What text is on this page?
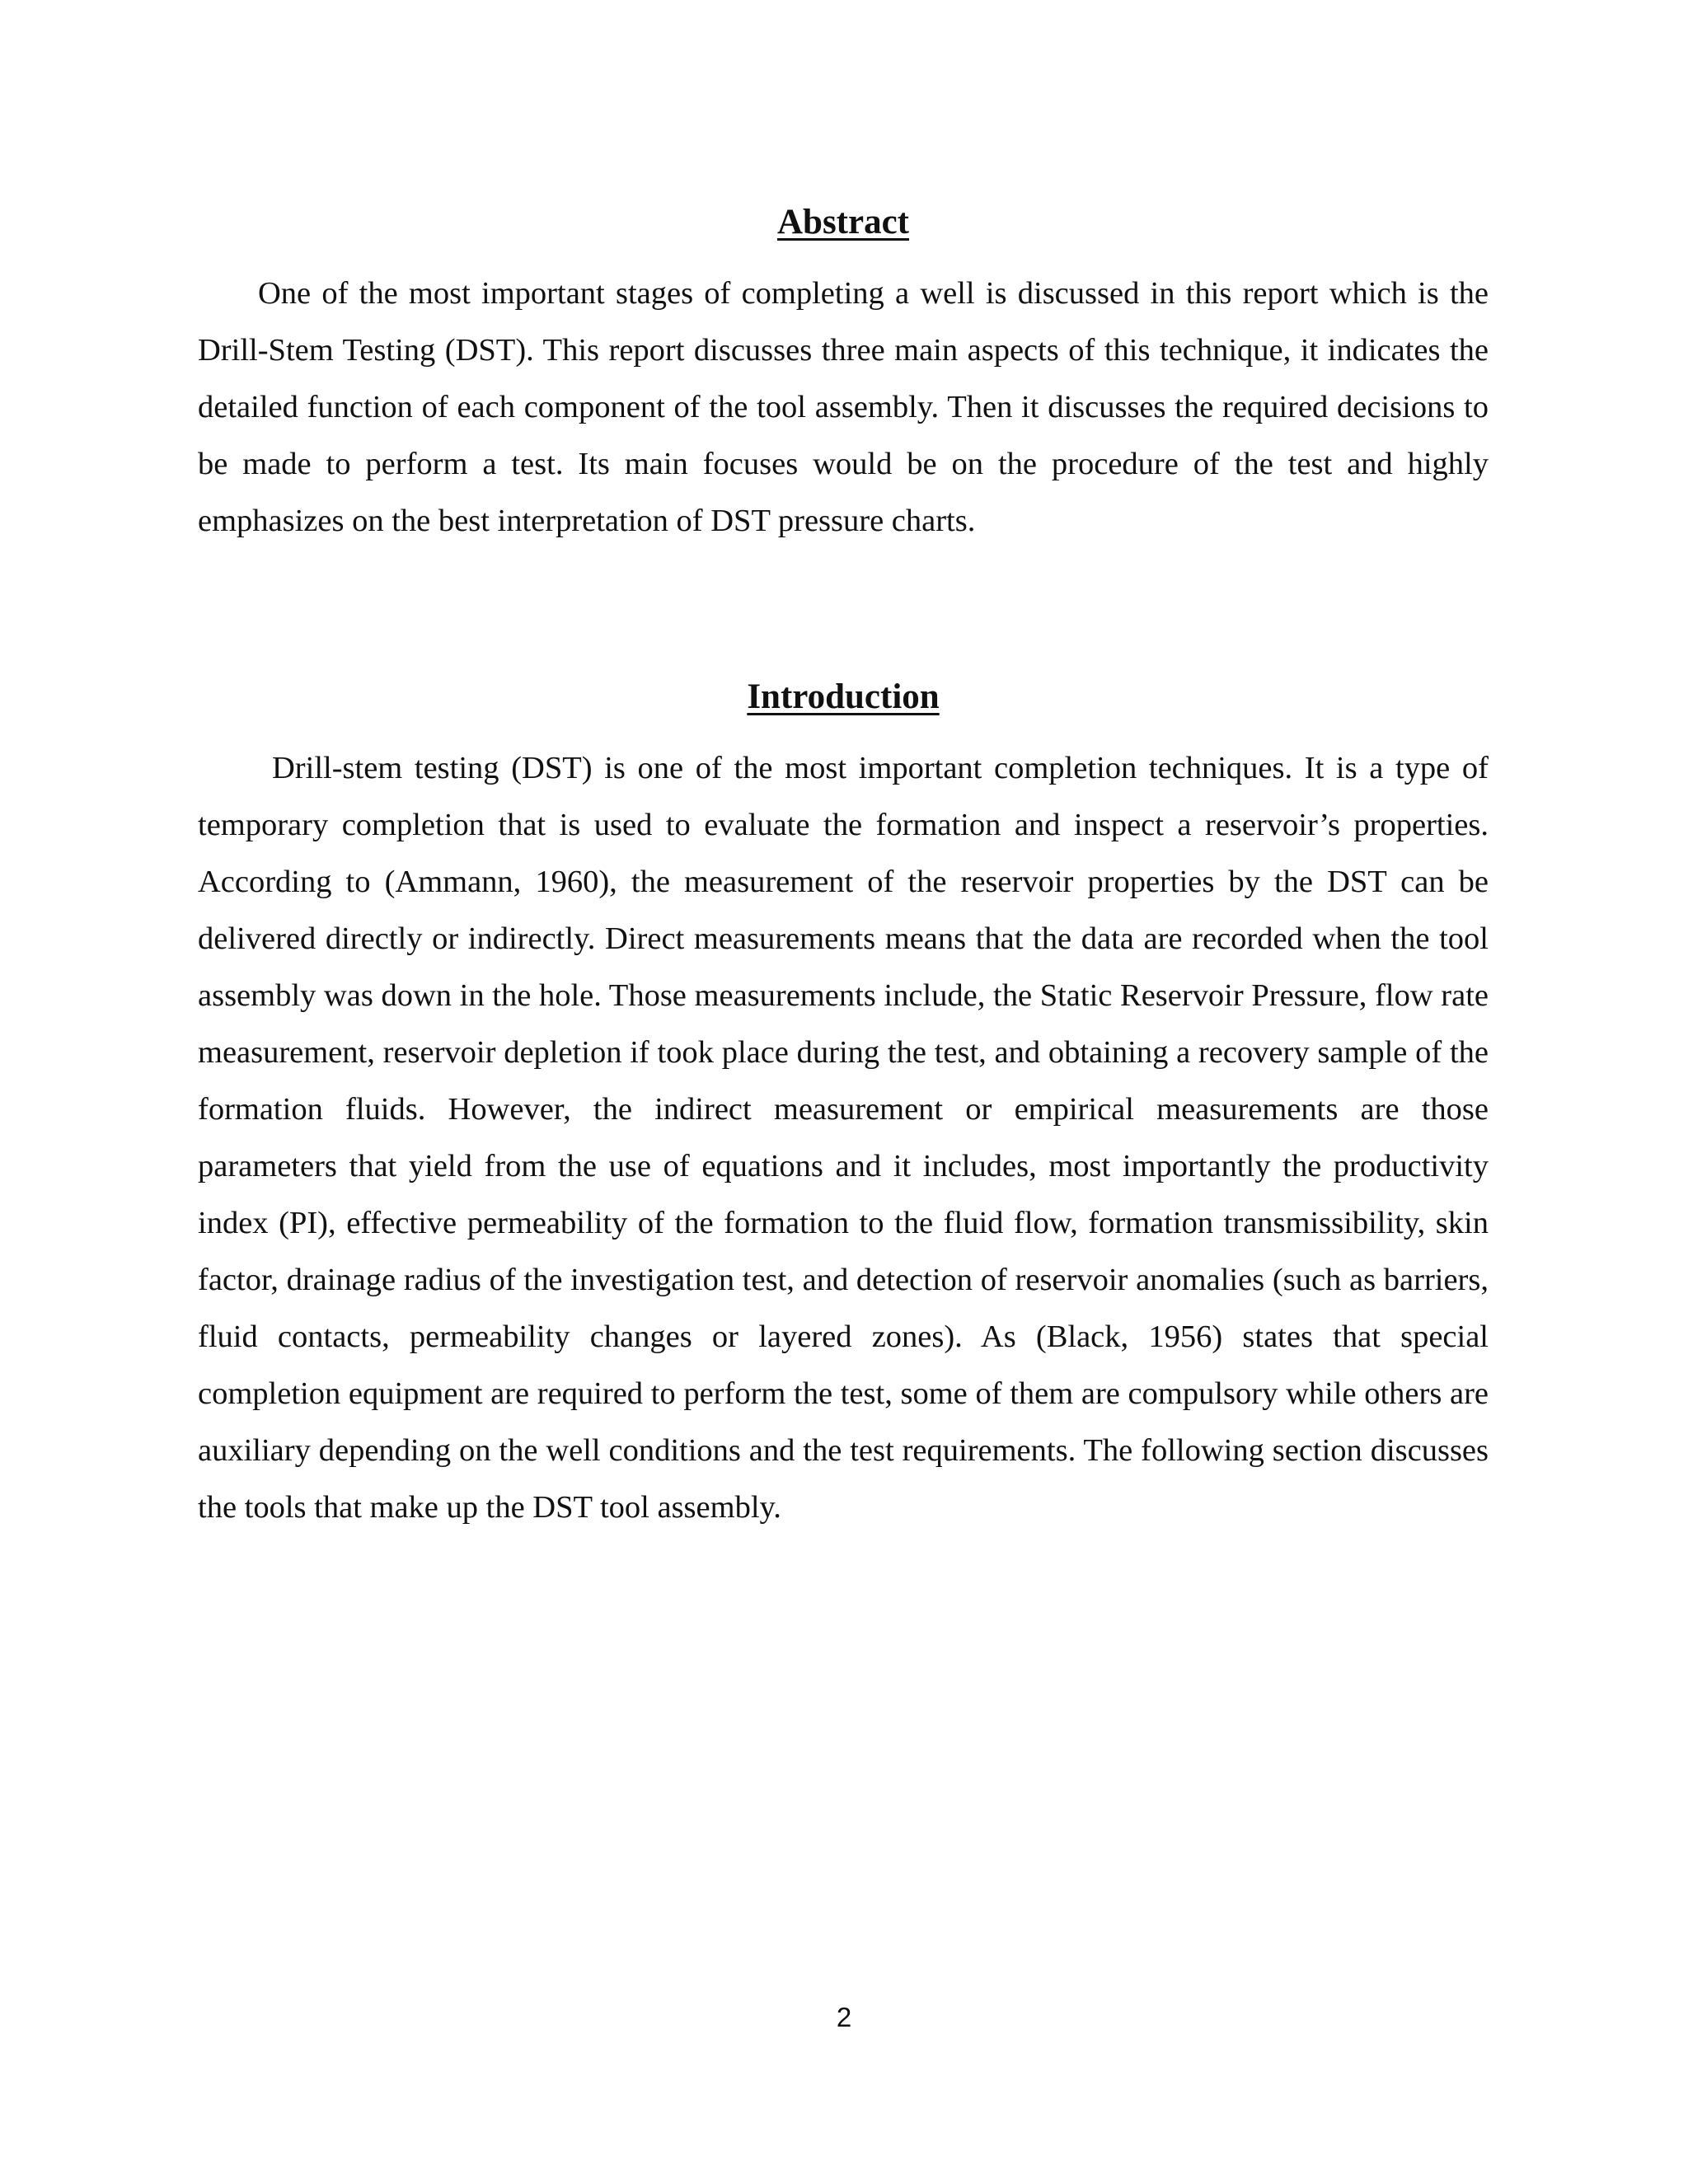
Abstract

One of the most important stages of completing a well is discussed in this report which is the Drill-Stem Testing (DST). This report discusses three main aspects of this technique, it indicates the detailed function of each component of the tool assembly. Then it discusses the required decisions to be made to perform a test. Its main focuses would be on the procedure of the test and highly emphasizes on the best interpretation of DST pressure charts.

Introduction

Drill-stem testing (DST) is one of the most important completion techniques. It is a type of temporary completion that is used to evaluate the formation and inspect a reservoir’s properties. According to (Ammann, 1960), the measurement of the reservoir properties by the DST can be delivered directly or indirectly. Direct measurements means that the data are recorded when the tool assembly was down in the hole. Those measurements include, the Static Reservoir Pressure, flow rate measurement, reservoir depletion if took place during the test, and obtaining a recovery sample of the formation fluids. However, the indirect measurement or empirical measurements are those parameters that yield from the use of equations and it includes, most importantly the productivity index (PI), effective permeability of the formation to the fluid flow, formation transmissibility, skin factor, drainage radius of the investigation test, and detection of reservoir anomalies (such as barriers, fluid contacts, permeability changes or layered zones). As (Black, 1956) states that special completion equipment are required to perform the test, some of them are compulsory while others are auxiliary depending on the well conditions and the test requirements. The following section discusses the tools that make up the DST tool assembly.

2
